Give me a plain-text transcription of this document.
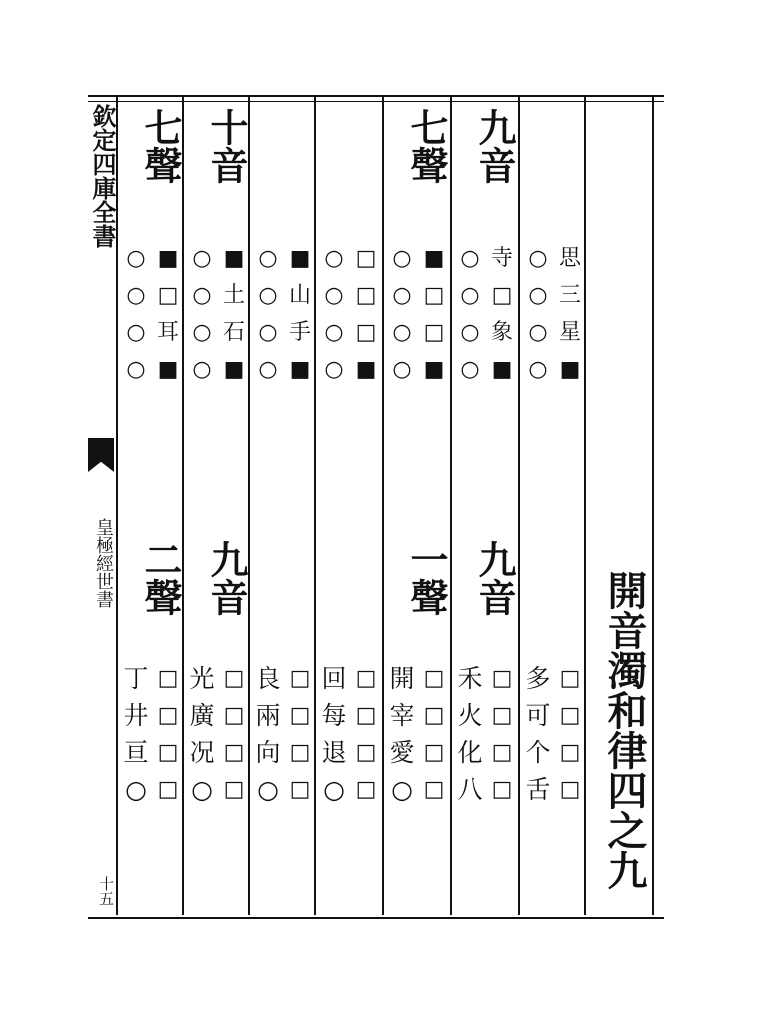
欽定四庫全書
皇極經世書
十五
七聲
○
○
○
○
■
□
耳
■
二聲
丁
井
亘
○
□
□
□
□
十音
○
○
○
○
■
土
石
■
九音
光
廣
况
○
□
□
□
□
○
○
○
○
■
山
手
■
良
兩
向
○
□
□
□
□
○
○
○
○
□
□
□
■
回
每
退
○
□
□
□
□
七聲
○
○
○
○
■
□
□
■
一聲
開
宰
愛
○
□
□
□
□
九音
○
○
○
○
寺
□
象
■
九音
禾
火
化
八
□
□
□
□
○
○
○
○
思
三
星
■
多
可
个
舌
□
□
□
□ 開音濁和律四之九
